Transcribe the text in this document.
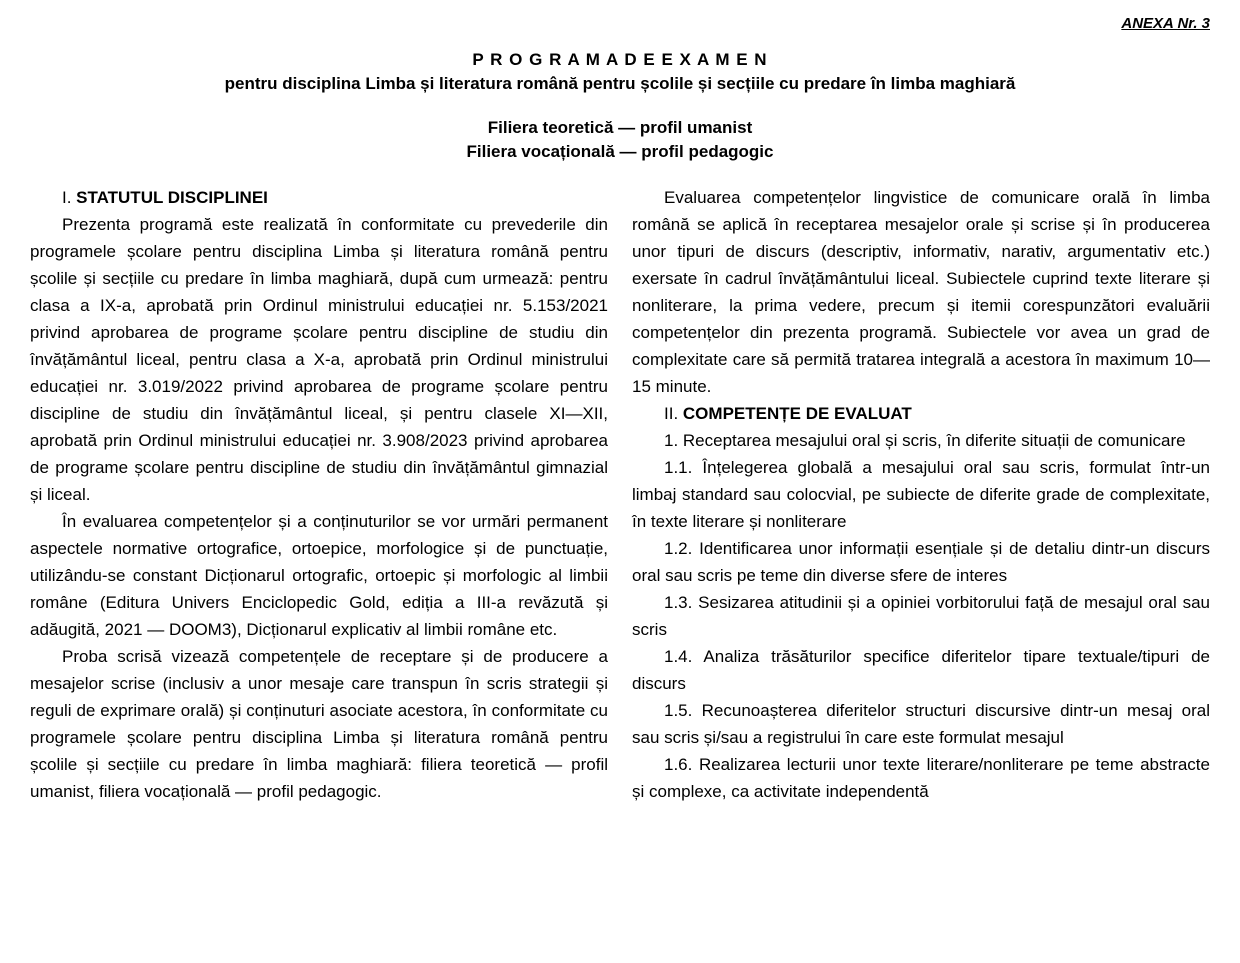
ANEXA Nr. 3
P R O G R A M A D E E X A M E N
pentru disciplina Limba și literatura română pentru școlile și secțiile cu predare în limba maghiară
Filiera teoretică — profil umanist
Filiera vocațională — profil pedagogic

I. STATUTUL DISCIPLINEI

Prezenta programă este realizată în conformitate cu prevederile din programele școlare pentru disciplina Limba și literatura română pentru școlile și secțiile cu predare în limba maghiară, după cum urmează: pentru clasa a IX-a, aprobată prin Ordinul ministrului educației nr. 5.153/2021 privind aprobarea de programe școlare pentru discipline de studiu din învățământul liceal, pentru clasa a X-a, aprobată prin Ordinul ministrului educației nr. 3.019/2022 privind aprobarea de programe școlare pentru discipline de studiu din învățământul liceal, și pentru clasele XI—XII, aprobată prin Ordinul ministrului educației nr. 3.908/2023 privind aprobarea de programe școlare pentru discipline de studiu din învățământul gimnazial și liceal.

În evaluarea competențelor și a conținuturilor se vor urmări permanent aspectele normative ortografice, ortoepice, morfologice și de punctuație, utilizându-se constant Dicționarul ortografic, ortoepic și morfologic al limbii române (Editura Univers Enciclopedic Gold, ediția a III-a revăzută și adăugită, 2021 — DOOM3), Dicționarul explicativ al limbii române etc.

Proba scrisă vizează competențele de receptare și de producere a mesajelor scrise (inclusiv a unor mesaje care transpun în scris strategii și reguli de exprimare orală) și conținuturi asociate acestora, în conformitate cu programele școlare pentru disciplina Limba și literatura română pentru școlile și secțiile cu predare în limba maghiară: filiera teoretică — profil umanist, filiera vocațională — profil pedagogic.

Evaluarea competențelor lingvistice de comunicare orală în limba română se aplică în receptarea mesajelor orale și scrise și în producerea unor tipuri de discurs (descriptiv, informativ, narativ, argumentativ etc.) exersate în cadrul învățământului liceal. Subiectele cuprind texte literare și nonliterare, la prima vedere, precum și itemii corespunzători evaluării competențelor din prezenta programă. Subiectele vor avea un grad de complexitate care să permită tratarea integrală a acestora în maximum 10—15 minute.

II. COMPETENȚE DE EVALUAT

1. Receptarea mesajului oral și scris, în diferite situații de comunicare

1.1. Înțelegerea globală a mesajului oral sau scris, formulat într-un limbaj standard sau colocvial, pe subiecte de diferite grade de complexitate, în texte literare și nonliterare

1.2. Identificarea unor informații esențiale și de detaliu dintr-un discurs oral sau scris pe teme din diverse sfere de interes

1.3. Sesizarea atitudinii și a opiniei vorbitorului față de mesajul oral sau scris

1.4. Analiza trăsăturilor specifice diferitelor tipare textuale/tipuri de discurs

1.5. Recunoașterea diferitelor structuri discursive dintr-un mesaj oral sau scris și/sau a registrului în care este formulat mesajul

1.6. Realizarea lecturii unor texte literare/nonliterare pe teme abstracte și complexe, ca activitate independentă
